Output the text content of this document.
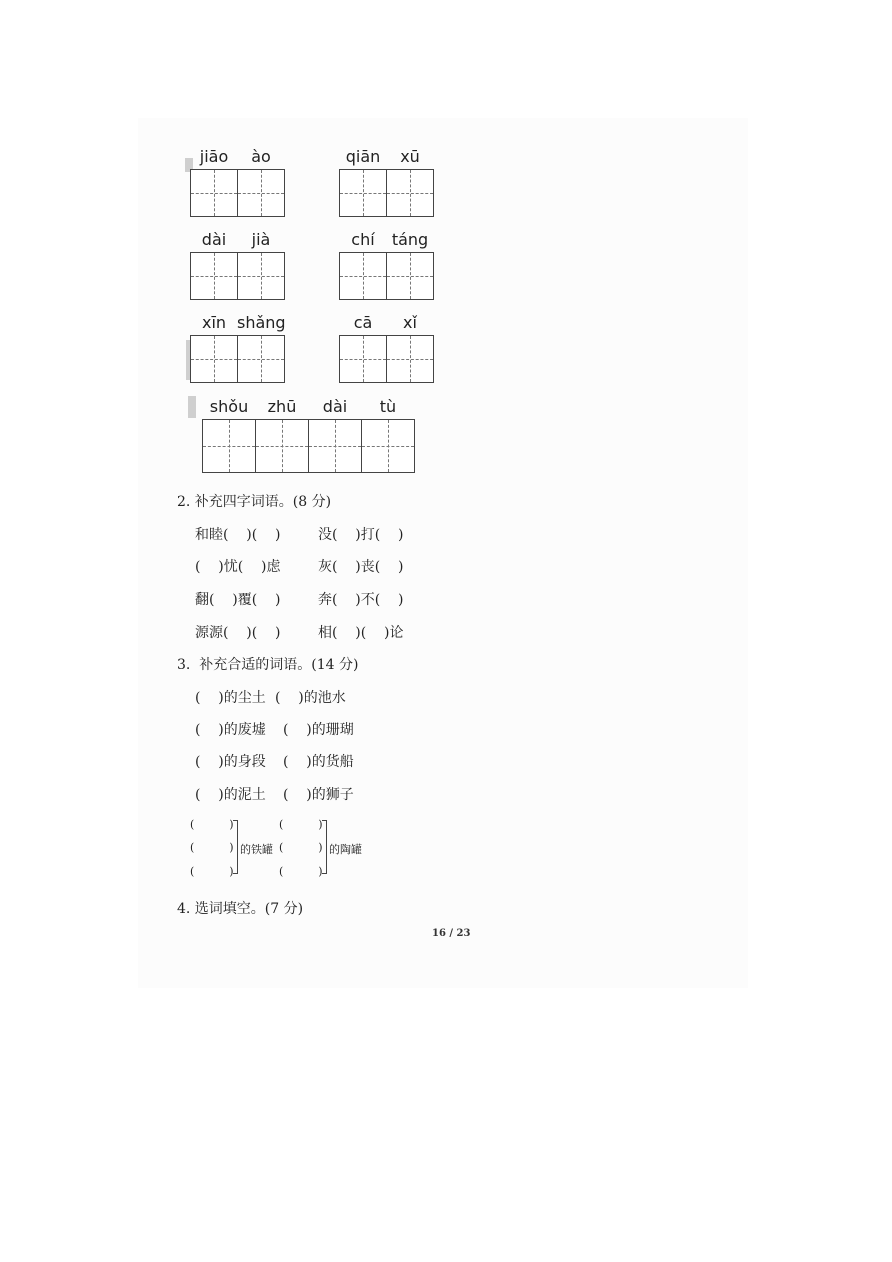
jiāo	ào	qiān	xū
dài	jià	chí	táng
xīn shǎng	cā	xǐ
shǒu	zhū	dài	tù
2. 补充四字词语。(8 分)
和睦(    )(    )	没(    )打(    )
(    )忧(    )虑	灰(    )丧(    )
翻(    )覆(    )	奔(    )不(    )
源源(    )(    )	相(    )(    )论
3.  补充合适的词语。(14 分)
(    )的尘土 (    )的池水
(    )的废墟 (    )的珊瑚
(    )的身段 (    )的货船
(    )的泥土 (    )的狮子
(          )
(          )
(          )
的铁罐
(          )
(          )
(          )
的陶罐
4. 选词填空。(7 分)
16 / 23
